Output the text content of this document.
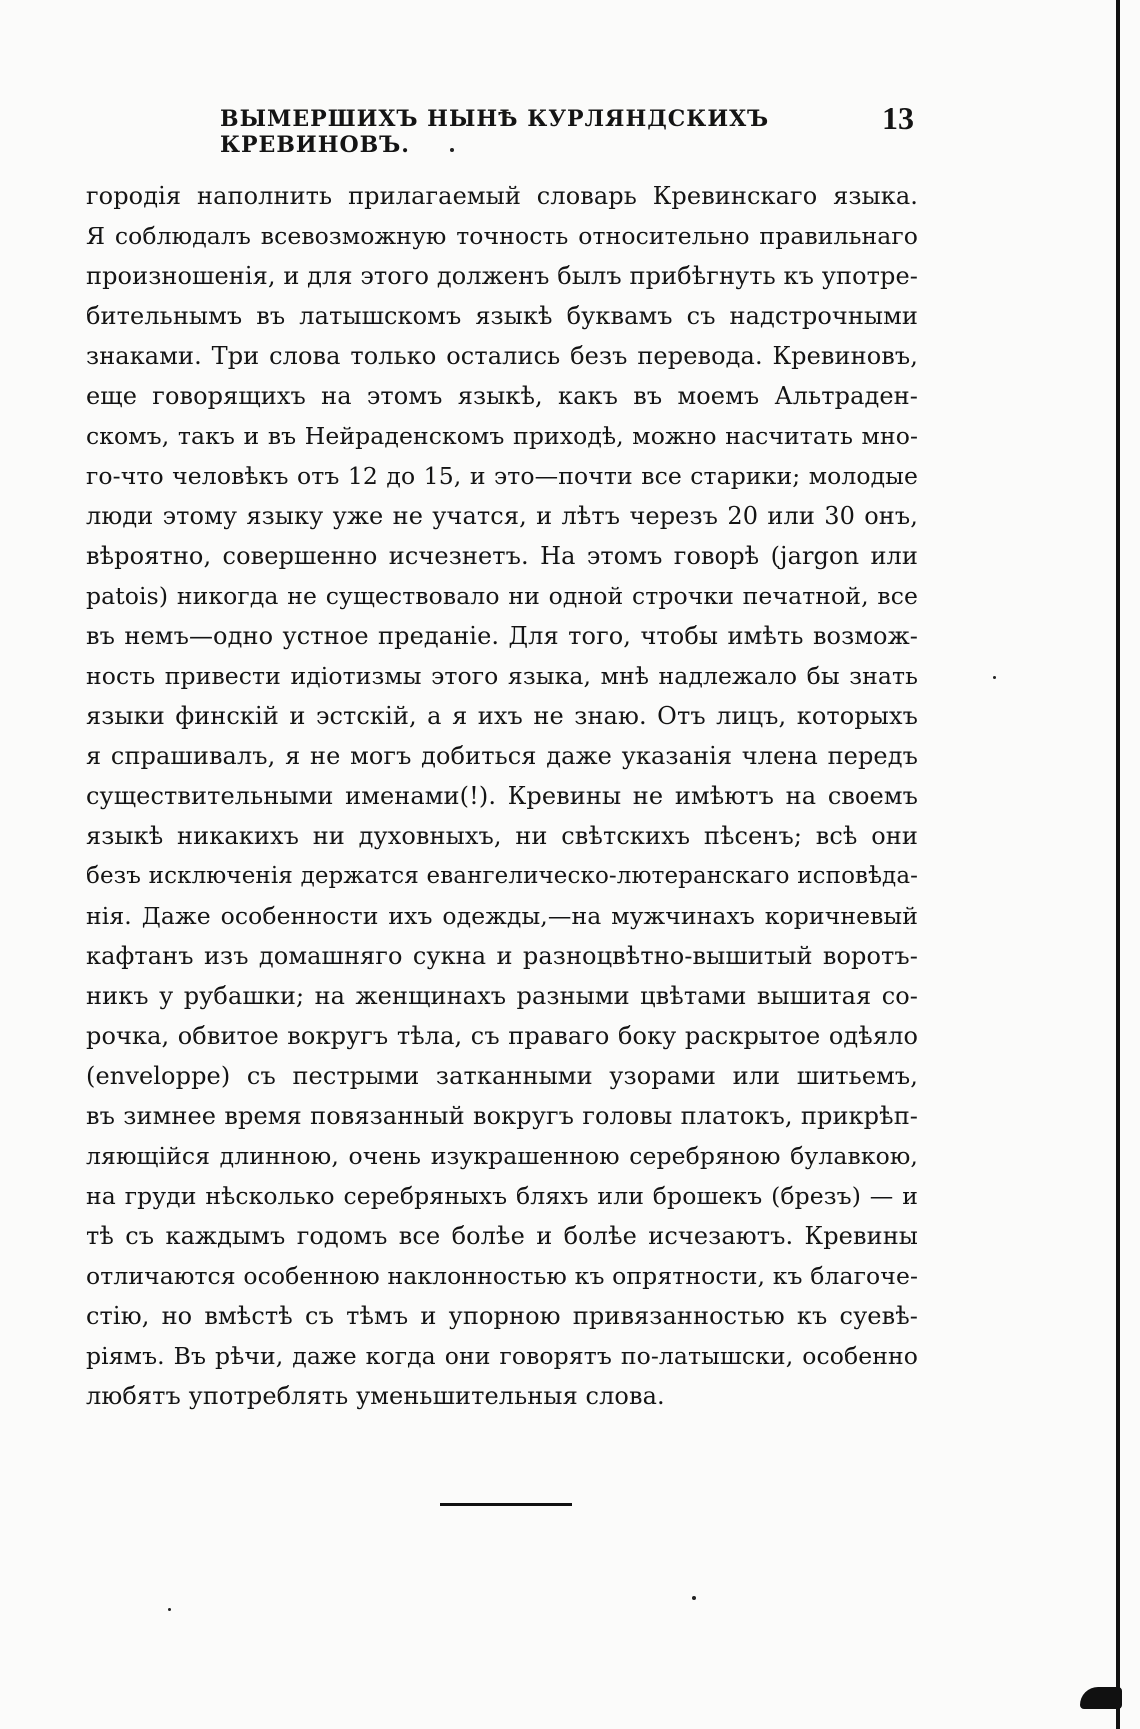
ВЫМЕРШИХЪ НЫНѢ КУРЛЯНДСКИХЪ КРЕВИНОВЪ.
13
городія наполнить прилагаемый словарь Кревинскаго языка.
Я соблюдалъ всевозможную точность относительно правильнаго
произношенія, и для этого долженъ былъ прибѣгнуть къ употре-
бительнымъ въ латышскомъ языкѣ буквамъ съ надстрочными
знаками. Три слова только остались безъ перевода. Кревиновъ,
еще говорящихъ на этомъ языкѣ, какъ въ моемъ Альтраден-
скомъ, такъ и въ Нейраденскомъ приходѣ, можно насчитать мно-
го-что человѣкъ отъ 12 до 15, и это—почти все старики; молодые
люди этому языку уже не учатся, и лѣтъ черезъ 20 или 30 онъ,
вѣроятно, совершенно исчезнетъ. На этомъ говорѣ (jargon или
patois) никогда не существовало ни одной строчки печатной, все
въ немъ—одно устное преданіе. Для того, чтобы имѣть возмож-
ность привести идіотизмы этого языка, мнѣ надлежало бы знать
языки финскій и эстскій, а я ихъ не знаю. Отъ лицъ, которыхъ
я спрашивалъ, я не могъ добиться даже указанія члена передъ
существительными именами(!). Кревины не имѣютъ на своемъ
языкѣ никакихъ ни духовныхъ, ни свѣтскихъ пѣсенъ; всѣ они
безъ исключенія держатся евангелическо-лютеранскаго исповѣда-
нія. Даже особенности ихъ одежды,—на мужчинахъ коричневый
кафтанъ изъ домашняго сукна и разноцвѣтно-вышитый воротъ-
никъ у рубашки; на женщинахъ разными цвѣтами вышитая со-
рочка, обвитое вокругъ тѣла, съ праваго боку раскрытое одѣяло
(enveloppe) съ пестрыми затканными узорами или шитьемъ,
въ зимнее время повязанный вокругъ головы платокъ, прикрѣп-
ляющійся длинною, очень изукрашенною серебряною булавкою,
на груди нѣсколько серебряныхъ бляхъ или брошекъ (брезъ) — и
тѣ съ каждымъ годомъ все болѣе и болѣе исчезаютъ. Кревины
отличаются особенною наклонностью къ опрятности, къ благоче-
стію, но вмѣстѣ съ тѣмъ и упорною привязанностью къ суевѣ-
ріямъ. Въ рѣчи, даже когда они говорятъ по-латышски, особенно
любятъ употреблять уменьшительныя слова.
